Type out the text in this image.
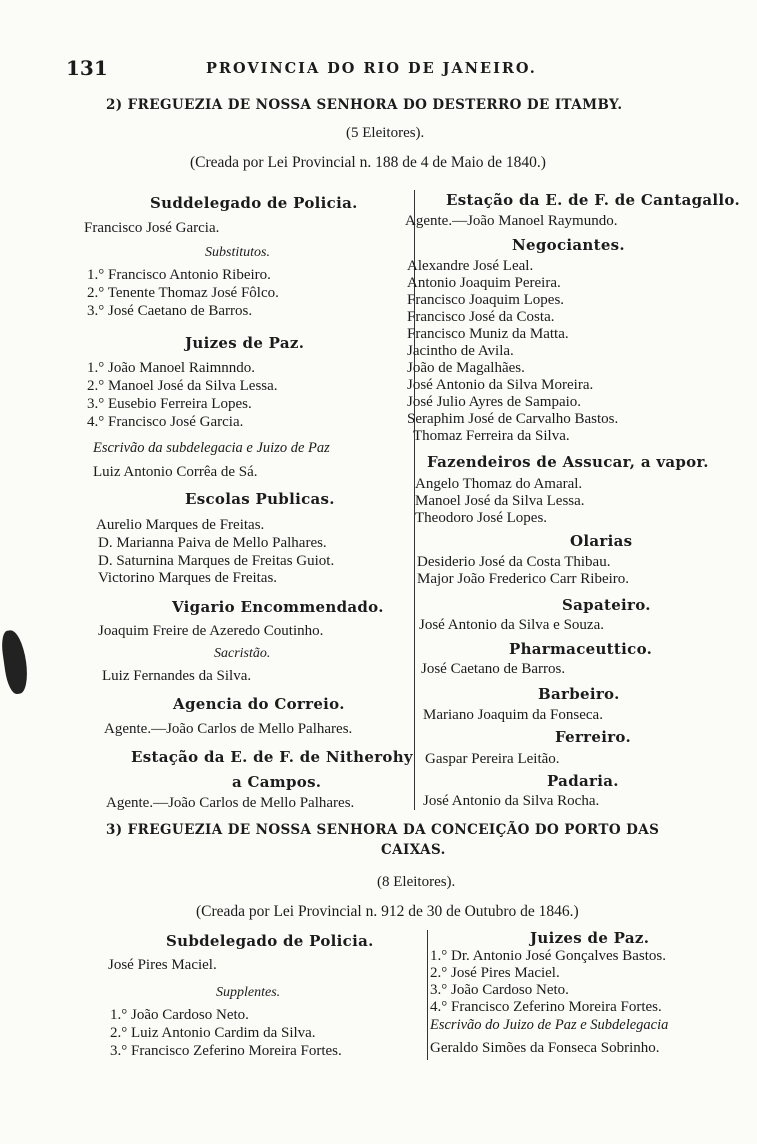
131	PROVINCIA DO RIO DE JANEIRO.
2) FREGUEZIA DE NOSSA SENHORA DO DESTERRO DE ITAMBY.
(5 Eleitores).
(Creada por Lei Provincial n. 188 de 4 de Maio de 1840.)
Suddelegado de Policia.
Francisco José Garcia.
Substitutos.
1.° Francisco Antonio Ribeiro.
2.° Tenente Thomaz José Fôlco.
3.° José Caetano de Barros.
Juizes de Paz.
1.° João Manoel Raimnndo.
2.° Manoel José da Silva Lessa.
3.° Eusebio Ferreira Lopes.
4.° Francisco José Garcia.
Escrivão da subdelegacia e Juizo de Paz
Luiz Antonio Corrêa de Sá.
Escolas Publicas.
Aurelio Marques de Freitas.
D. Marianna Paiva de Mello Palhares.
D. Saturnina Marques de Freitas Guiot.
Victorino Marques de Freitas.
Vigario Encommendado.
Joaquim Freire de Azeredo Coutinho.
Sacristão.
Luiz Fernandes da Silva.
Agencia do Correio.
Agente.—João Carlos de Mello Palhares.
Estação da E. de F. de Nitherohy
a Campos.
Agente.—João Carlos de Mello Palhares.
Estação da E. de F. de Cantagallo.
Agente.—João Manoel Raymundo.
Negociantes.
Alexandre José Leal.
Antonio Joaquim Pereira.
Francisco Joaquim Lopes.
Francisco José da Costa.
Francisco Muniz da Matta.
Jacintho de Avila.
João de Magalhães.
José Antonio da Silva Moreira.
José Julio Ayres de Sampaio.
Seraphim José de Carvalho Bastos.
Thomaz Ferreira da Silva.
Fazendeiros de Assucar, a vapor.
Angelo Thomaz do Amaral.
Manoel José da Silva Lessa.
Theodoro José Lopes.
Olarias
Desiderio José da Costa Thibau.
Major João Frederico Carr Ribeiro.
Sapateiro.
José Antonio da Silva e Souza.
Pharmaceuttico.
José Caetano de Barros.
Barbeiro.
Mariano Joaquim da Fonseca.
Ferreiro.
Gaspar Pereira Leitão.
Padaria.
José Antonio da Silva Rocha.
3) FREGUEZIA DE NOSSA SENHORA DA CONCEIÇÃO DO PORTO DAS
CAIXAS.
(8 Eleitores).
(Creada por Lei Provincial n. 912 de 30 de Outubro de 1846.)
Subdelegado de Policia.
José Pires Maciel.
Supplentes.
1.° João Cardoso Neto.
2.° Luiz Antonio Cardim da Silva.
3.° Francisco Zeferino Moreira Fortes.
Juizes de Paz.
1.° Dr. Antonio José Gonçalves Bastos.
2.° José Pires Maciel.
3.° João Cardoso Neto.
4.° Francisco Zeferino Moreira Fortes.
Escrivão do Juizo de Paz e Subdelegacia
Geraldo Simões da Fonseca Sobrinho.
